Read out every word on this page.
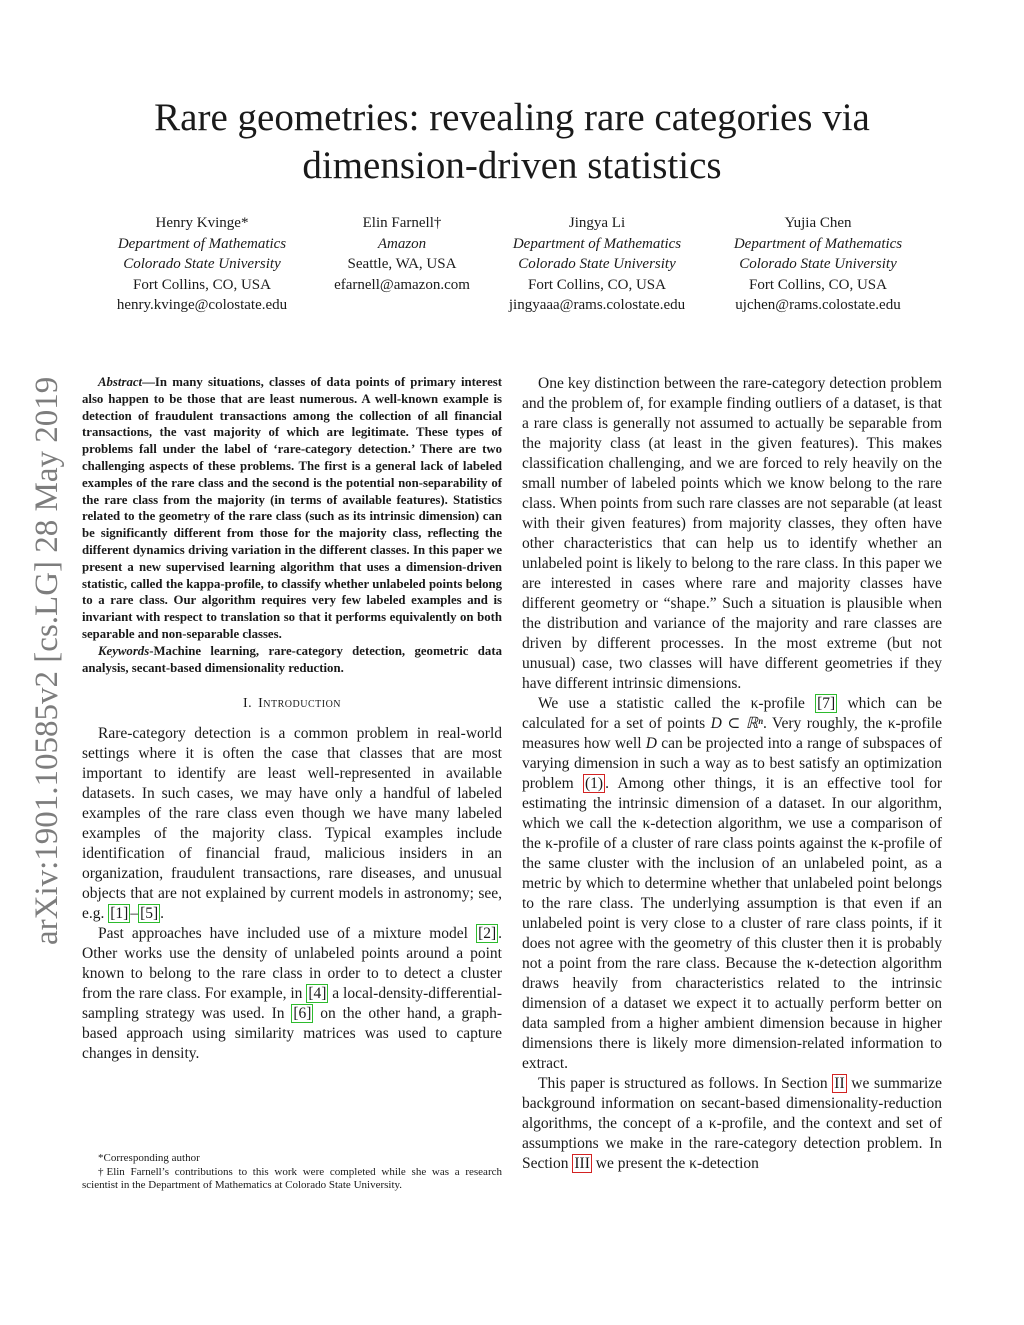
arXiv:1901.10585v2 [cs.LG] 28 May 2019
Rare geometries: revealing rare categories via
dimension-driven statistics
Henry Kvinge*
Department of Mathematics
Colorado State University
Fort Collins, CO, USA
henry.kvinge@colostate.edu
Elin Farnell†
Amazon
Seattle, WA, USA
efarnell@amazon.com
Jingya Li
Department of Mathematics
Colorado State University
Fort Collins, CO, USA
jingyaaa@rams.colostate.edu
Yujia Chen
Department of Mathematics
Colorado State University
Fort Collins, CO, USA
ujchen@rams.colostate.edu

Abstract—In many situations, classes of data points of primary interest also happen to be those that are least numerous. A well-known example is detection of fraudulent transactions among the collection of all financial transactions, the vast majority of which are legitimate. These types of problems fall under the label of ‘rare-category detection.’ There are two challenging aspects of these problems. The first is a general lack of labeled examples of the rare class and the second is the potential non-separability of the rare class from the majority (in terms of available features). Statistics related to the geometry of the rare class (such as its intrinsic dimension) can be significantly different from those for the majority class, reflecting the different dynamics driving variation in the different classes. In this paper we present a new supervised learning algorithm that uses a dimension-driven statistic, called the kappa-profile, to classify whether unlabeled points belong to a rare class. Our algorithm requires very few labeled examples and is invariant with respect to translation so that it performs equivalently on both separable and non-separable classes.

Keywords-Machine learning, rare-category detection, geometric data analysis, secant-based dimensionality reduction.

I. Introduction

Rare-category detection is a common problem in real-world settings where it is often the case that classes that are most important to identify are least well-represented in available datasets. In such cases, we may have only a handful of labeled examples of the rare class even though we have many labeled examples of the majority class. Typical examples include identification of financial fraud, malicious insiders in an organization, fraudulent transactions, rare diseases, and unusual objects that are not explained by current models in astronomy; see, e.g. [1] – [5] .

Past approaches have included use of a mixture model [2] . Other works use the density of unlabeled points around a point known to belong to the rare class in order to to detect a cluster from the rare class. For example, in [4] a local-density-differential-sampling strategy was used. In [6] on the other hand, a graph-based approach using similarity matrices was used to capture changes in density.

*Corresponding author

†Elin Farnell’s contributions to this work were completed while she was a research scientist in the Department of Mathematics at Colorado State University.

One key distinction between the rare-category detection problem and the problem of, for example finding outliers of a dataset, is that a rare class is generally not assumed to actually be separable from the majority class (at least in the given features). This makes classification challenging, and we are forced to rely heavily on the small number of labeled points which we know belong to the rare class. When points from such rare classes are not separable (at least with their given features) from majority classes, they often have other characteristics that can help us to identify whether an unlabeled point is likely to belong to the rare class. In this paper we are interested in cases where rare and majority classes have different geometry or “shape.” Such a situation is plausible when the distribution and variance of the majority and rare classes are driven by different processes. In the most extreme (but not unusual) case, two classes will have different geometries if they have different intrinsic dimensions.

We use a statistic called the κ-profile [7] which can be calculated for a set of points D ⊂ ℝⁿ. Very roughly, the κ-profile measures how well D can be projected into a range of subspaces of varying dimension in such a way as to best satisfy an optimization problem (1) . Among other things, it is an effective tool for estimating the intrinsic dimension of a dataset. In our algorithm, which we call the κ-detection algorithm, we use a comparison of the κ-profile of a cluster of rare class points against the κ-profile of the same cluster with the inclusion of an unlabeled point, as a metric by which to determine whether that unlabeled point belongs to the rare class. The underlying assumption is that even if an unlabeled point is very close to a cluster of rare class points, if it does not agree with the geometry of this cluster then it is probably not a point from the rare class. Because the κ-detection algorithm draws heavily from characteristics related to the intrinsic dimension of a dataset we expect it to actually perform better on data sampled from a higher ambient dimension because in higher dimensions there is likely more dimension-related information to extract.

This paper is structured as follows. In Section II we summarize background information on secant-based dimensionality-reduction algorithms, the concept of a κ-profile, and the context and set of assumptions we make in the rare-category detection problem. In Section III we present the κ-detection
